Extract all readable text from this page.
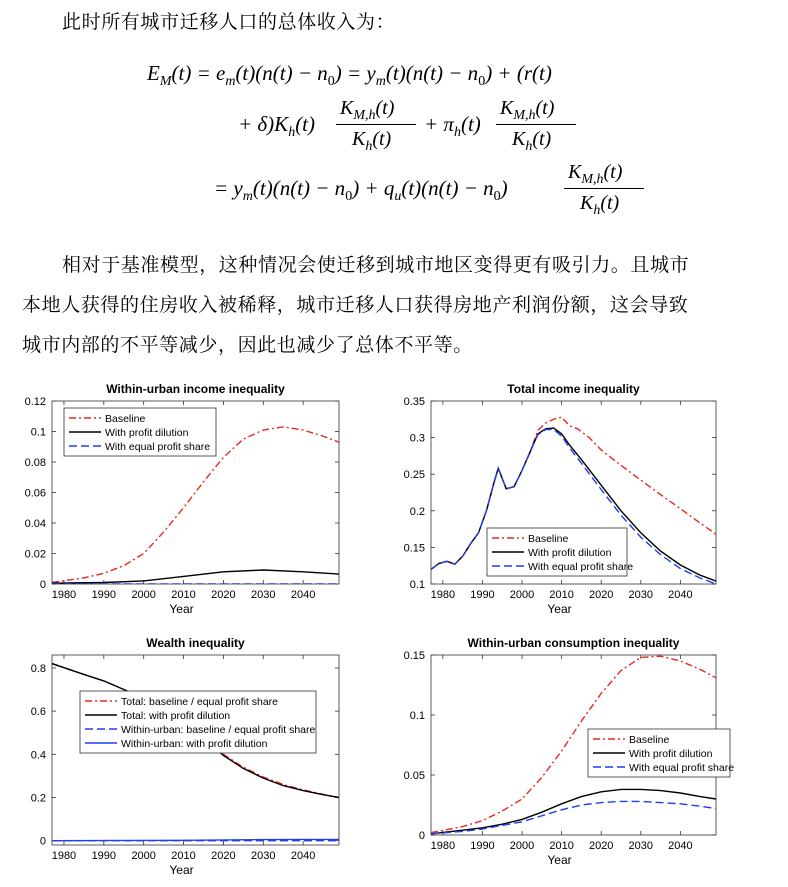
此时所有城市迁移人口的总体收入为：
$E_M(t) = e_m(t)(n(t) - n_0) = y_m(t)(n(t) - n_0) + (r(t)$
+ $\delta)K_h(t)$
$K_{M,h}(t)$
$K_h(t)$
+ $\pi_h(t)$
$K_{M,h}(t)$
$K_h(t)$
= $y_m(t)(n(t) - n_0) + q_u(t)(n(t) - n_0)$
$K_{M,h}(t)$
$K_h(t)$
相对于基准模型，这种情况会使迁移到城市地区变得更有吸引力。且城市
本地人获得的住房收入被稀释，城市迁移人口获得房地产利润份额，这会导致
城市内部的不平等减少，因此也减少了总体不平等。
Within-urban income inequality
1980 1990 2000 2010 2020 2030 2040
Year
0
0.02
0.04
0.06
0.08
0.1
0.12
Baseline
With profit dilution
With equal profit share
Total income inequality
1980 1990 2000 2010 2020 2030 2040
Year
0.1
0.15
0.2
0.25
0.3
0.35
Baseline
With profit dilution
With equal profit share
Wealth inequality
1980 1990 2000 2010 2020 2030 2040
Year
0
0.2
0.4
0.6
0.8
Total: baseline / equal profit share
Total: with profit dilution
Within-urban: baseline / equal profit share
Within-urban: with profit dilution
Within-urban consumption inequality
1980 1990 2000 2010 2020 2030 2040
Year
0
0.05
0.1
0.15
Baseline
With profit dilution
With equal profit share
